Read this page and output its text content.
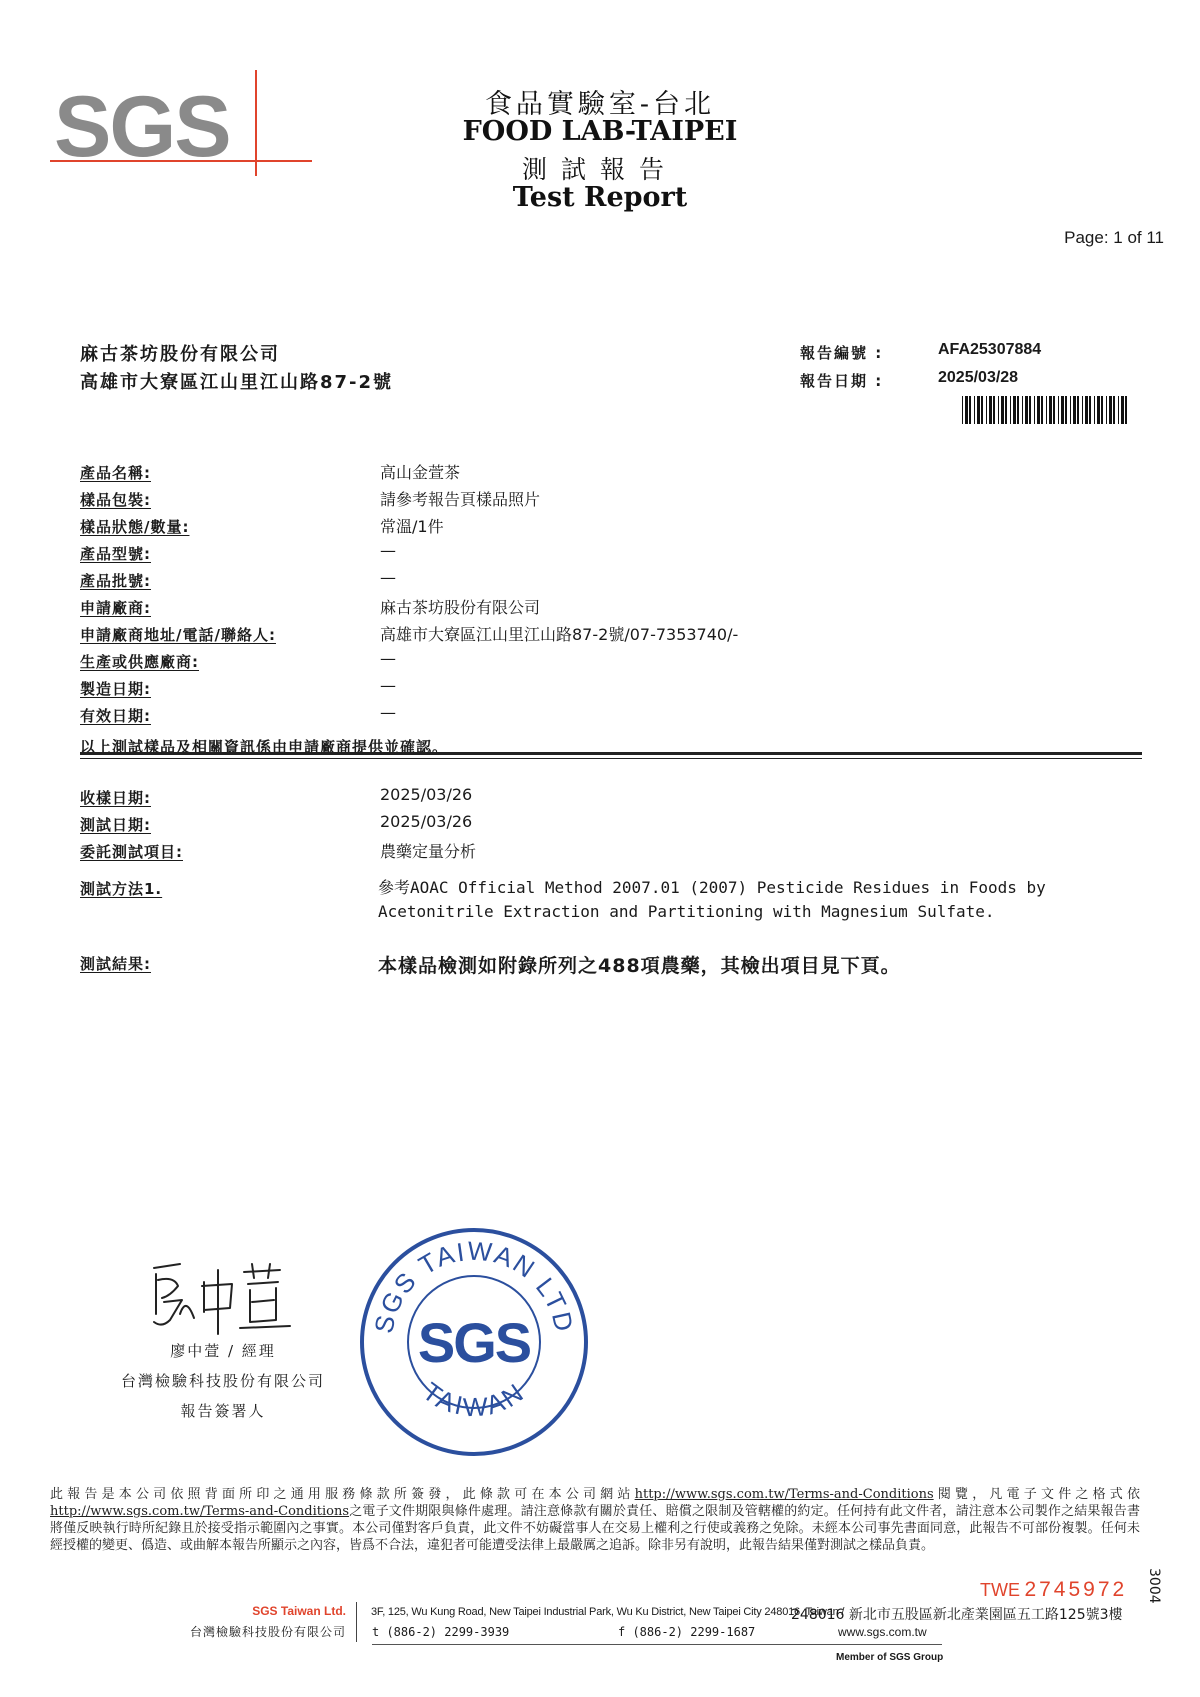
SGS	食品實驗室-台北
FOOD LAB-TAIPEI
測試報告
Test Report
Page: 1 of 11
麻古茶坊股份有限公司
高雄市大寮區江山里江山路87-2號
報告編號 :	AFA25307884
報告日期 :	2025/03/28
產品名稱:	高山金萱茶
樣品包裝:	請參考報告頁樣品照片
樣品狀態/數量:	常溫/1件
產品型號:	—
產品批號:	—
申請廠商:	麻古茶坊股份有限公司
申請廠商地址/電話/聯絡人:	高雄市大寮區江山里江山路87-2號/07-7353740/-
生產或供應廠商:	—
製造日期:	—
有效日期:	—
以上測試樣品及相關資訊係由申請廠商提供並確認。
收樣日期:	2025/03/26
測試日期:	2025/03/26
委託測試項目:	農藥定量分析
測試方法1.	參考AOAC Official Method 2007.01 (2007) Pesticide Residues in Foods by Acetonitrile Extraction and Partitioning with Magnesium Sulfate.
測試結果:	本樣品檢測如附錄所列之488項農藥，其檢出項目見下頁。
廖中萱 / 經理
台灣檢驗科技股份有限公司
報告簽署人
SGS TAIWAN LTD
TAIWAN
SGS
此報告是本公司依照背面所印之通用服務條款所簽發，此條款可在本公司網站http://www.sgs.com.tw/Terms-and-Conditions閱覽，凡電子文件之格式依http://www.sgs.com.tw/Terms-and-Conditions之電子文件期限與條件處理。請注意條款有關於責任、賠償之限制及管轄權的約定。任何持有此文件者，請注意本公司製作之結果報告書將僅反映執行時所紀錄且於接受指示範圍內之事實。本公司僅對客戶負責，此文件不妨礙當事人在交易上權利之行使或義務之免除。未經本公司事先書面同意，此報告不可部份複製。任何未經授權的變更、僞造、或曲解本報告所顯示之內容，皆爲不合法，違犯者可能遭受法律上最嚴厲之追訴。除非另有說明，此報告結果僅對測試之樣品負責。
TWE 2745972 3004
SGS Taiwan Ltd.
台灣檢驗科技股份有限公司
3F, 125, Wu Kung Road, New Taipei Industrial Park, Wu Ku District, New Taipei City 248016, Taiwan /
248016 新北市五股區新北產業園區五工路125號3樓
t (886-2) 2299-3939	f (886-2) 2299-1687	www.sgs.com.tw
Member of SGS Group
